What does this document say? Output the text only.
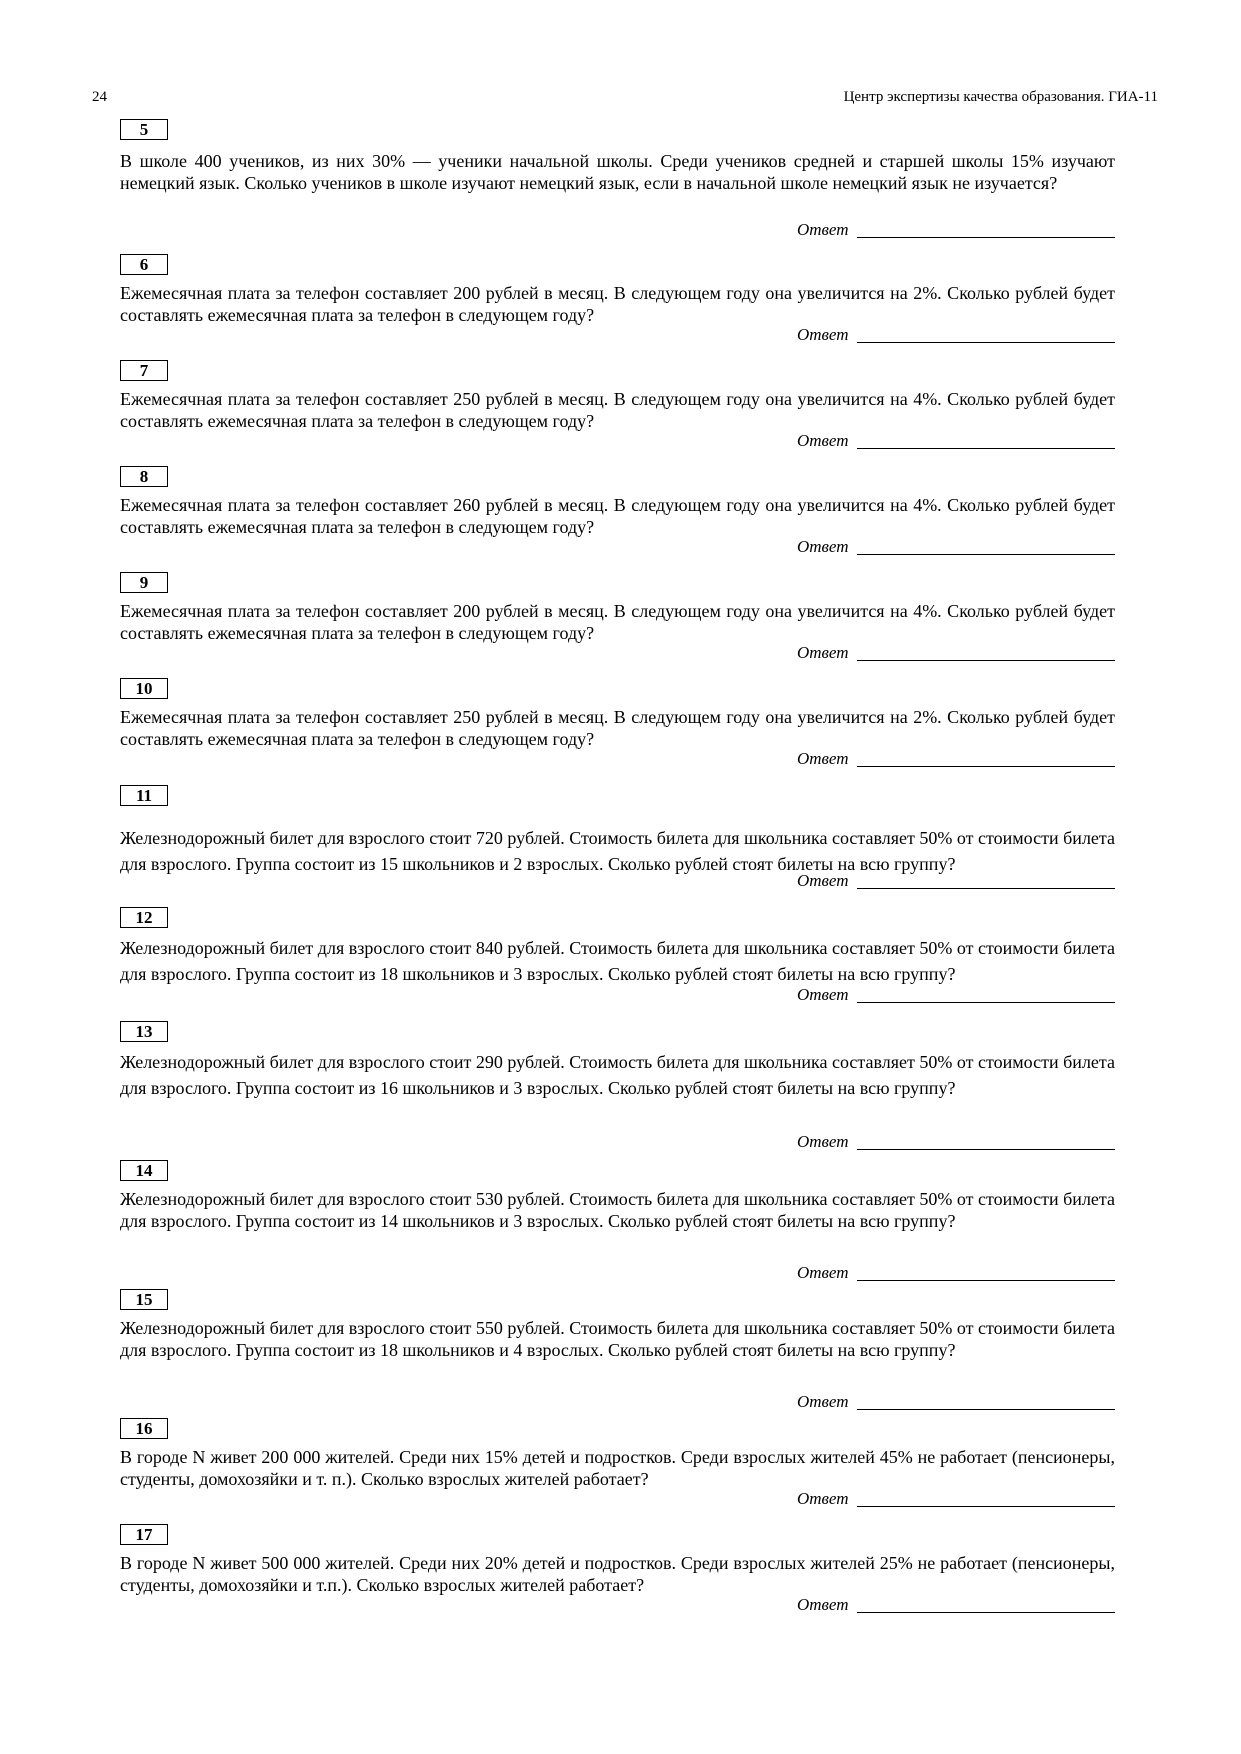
24	Центр экспертизы качества образования. ГИА-11
5

В школе 400 учеников, из них 30% — ученики начальной школы. Среди учеников средней и старшей школы 15% изучают немецкий язык. Сколько учеников в школе изучают немецкий язык, если в начальной школе немецкий язык не изучается?

Ответ
6

Ежемесячная плата за телефон составляет 200 рублей в месяц. В следующем году она увеличится на 2%. Сколько рублей будет составлять ежемесячная плата за телефон в следующем году?

Ответ
7

Ежемесячная плата за телефон составляет 250 рублей в месяц. В следующем году она увеличится на 4%. Сколько рублей будет составлять ежемесячная плата за телефон в следующем году?

Ответ
8

Ежемесячная плата за телефон составляет 260 рублей в месяц. В следующем году она увеличится на 4%. Сколько рублей будет составлять ежемесячная плата за телефон в следующем году?

Ответ
9

Ежемесячная плата за телефон составляет 200 рублей в месяц. В следующем году она увеличится на 4%. Сколько рублей будет составлять ежемесячная плата за телефон в следующем году?

Ответ
10

Ежемесячная плата за телефон составляет 250 рублей в месяц. В следующем году она увеличится на 2%. Сколько рублей будет составлять ежемесячная плата за телефон в следующем году?

Ответ
11

Железнодорожный билет для взрослого стоит 720 рублей. Стоимость билета для школьника составляет 50% от стоимости билета для взрослого. Группа состоит из 15 школьников и 2 взрослых. Сколько рублей стоят билеты на всю группу?

Ответ
12

Железнодорожный билет для взрослого стоит 840 рублей. Стоимость билета для школьника составляет 50% от стоимости билета для взрослого. Группа состоит из 18 школьников и 3 взрослых. Сколько рублей стоят билеты на всю группу?

Ответ
13

Железнодорожный билет для взрослого стоит 290 рублей. Стоимость билета для школьника составляет 50% от стоимости билета для взрослого. Группа состоит из 16 школьников и 3 взрослых. Сколько рублей стоят билеты на всю группу?

Ответ
14

Железнодорожный билет для взрослого стоит 530 рублей. Стоимость билета для школьника составляет 50% от стоимости билета для взрослого. Группа состоит из 14 школьников и 3 взрослых. Сколько рублей стоят билеты на всю группу?

Ответ
15

Железнодорожный билет для взрослого стоит 550 рублей. Стоимость билета для школьника составляет 50% от стоимости билета для взрослого. Группа состоит из 18 школьников и 4 взрослых. Сколько рублей стоят билеты на всю группу?

Ответ
16

В городе N живет 200 000 жителей. Среди них 15% детей и подростков. Среди взрослых жителей 45% не работает (пенсионеры, студенты, домохозяйки и т. п.). Сколько взрослых жителей работает?

Ответ
17

В городе N живет 500 000 жителей. Среди них 20% детей и подростков. Среди взрослых жителей 25% не работает (пенсионеры, студенты, домохозяйки и т.п.). Сколько взрослых жителей работает?

Ответ
